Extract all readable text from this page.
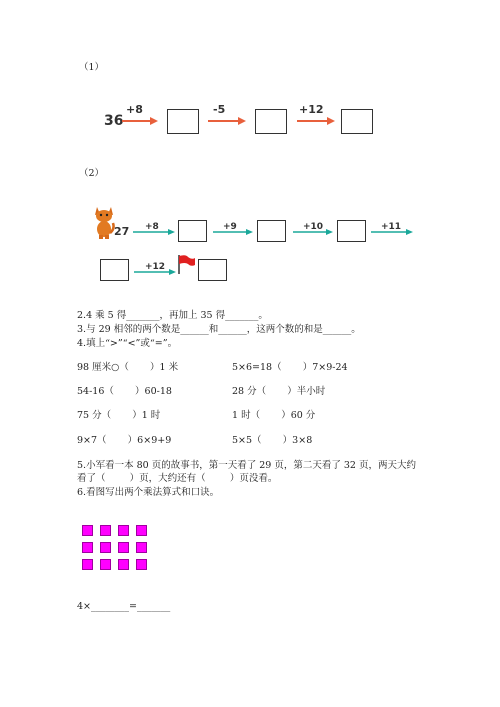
（1）
36
+8	-5	+12
（2）
27 +8	+9	+10	+11
+12
2.4 乘 5 得_______，再加上 35 得_______。
3.与 29 相邻的两个数是______和______，这两个数的和是______。
4.填上“>”“<”或“=”。
98 厘米○（       ）1 米	5×6=18（       ）7×9-24
54-16（       ）60-18	28 分（       ）半小时
75 分（       ）1 时	1 时（       ）60 分
9×7（       ）6×9+9	5×5（       ）3×8
5.小军看一本 80 页的故事书，第一天看了 29 页，第二天看了 32 页，两天大约
看了（        ）页，大约还有（        ）页没看。
6.看图写出两个乘法算式和口诀。
4×________=_______
